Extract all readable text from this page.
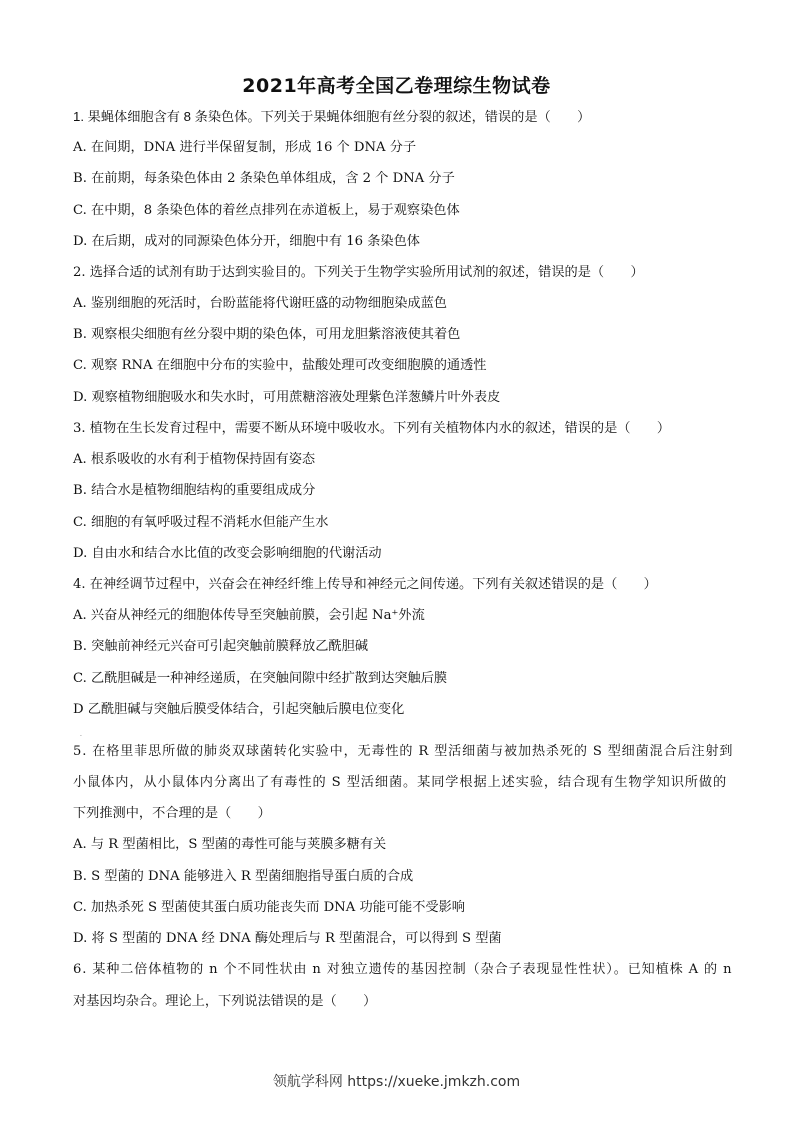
2021年高考全国乙卷理综生物试卷
1. 果蝇体细胞含有 8 条染色体。下列关于果蝇体细胞有丝分裂的叙述，错误的是（　　）
A. 在间期，DNA 进行半保留复制，形成 16 个 DNA 分子
B. 在前期，每条染色体由 2 条染色单体组成，含 2 个 DNA 分子
C. 在中期，8 条染色体的着丝点排列在赤道板上，易于观察染色体
D. 在后期，成对的同源染色体分开，细胞中有 16 条染色体
2. 选择合适的试剂有助于达到实验目的。下列关于生物学实验所用试剂的叙述，错误的是（　　）
A. 鉴别细胞的死活时，台盼蓝能将代谢旺盛的动物细胞染成蓝色
B. 观察根尖细胞有丝分裂中期的染色体，可用龙胆紫溶液使其着色
C. 观察 RNA 在细胞中分布的实验中，盐酸处理可改变细胞膜的通透性
D. 观察植物细胞吸水和失水时，可用蔗糖溶液处理紫色洋葱鳞片叶外表皮
3. 植物在生长发育过程中，需要不断从环境中吸收水。下列有关植物体内水的叙述，错误的是（　　）
A. 根系吸收的水有利于植物保持固有姿态
B. 结合水是植物细胞结构的重要组成成分
C. 细胞的有氧呼吸过程不消耗水但能产生水
D. 自由水和结合水比值的改变会影响细胞的代谢活动
4. 在神经调节过程中，兴奋会在神经纤维上传导和神经元之间传递。下列有关叙述错误的是（　　）
A. 兴奋从神经元的细胞体传导至突触前膜，会引起 Na⁺外流
B. 突触前神经元兴奋可引起突触前膜释放乙酰胆碱
C. 乙酰胆碱是一种神经递质，在突触间隙中经扩散到达突触后膜
D 乙酰胆碱与突触后膜受体结合，引起突触后膜电位变化
·
5. 在格里菲思所做的肺炎双球菌转化实验中，无毒性的 R 型活细菌与被加热杀死的 S 型细菌混合后注射到
小鼠体内，从小鼠体内分离出了有毒性的 S 型活细菌。某同学根据上述实验，结合现有生物学知识所做的
下列推测中，不合理的是（　　）
A. 与 R 型菌相比，S 型菌的毒性可能与荚膜多糖有关
B. S 型菌的 DNA 能够进入 R 型菌细胞指导蛋白质的合成
C. 加热杀死 S 型菌使其蛋白质功能丧失而 DNA 功能可能不受影响
D. 将 S 型菌的 DNA 经 DNA 酶处理后与 R 型菌混合，可以得到 S 型菌
6. 某种二倍体植物的 n 个不同性状由 n 对独立遗传的基因控制（杂合子表现显性性状）。已知植株 A 的 n
对基因均杂合。理论上，下列说法错误的是（　　）
领航学科网 https://xueke.jmkzh.com
